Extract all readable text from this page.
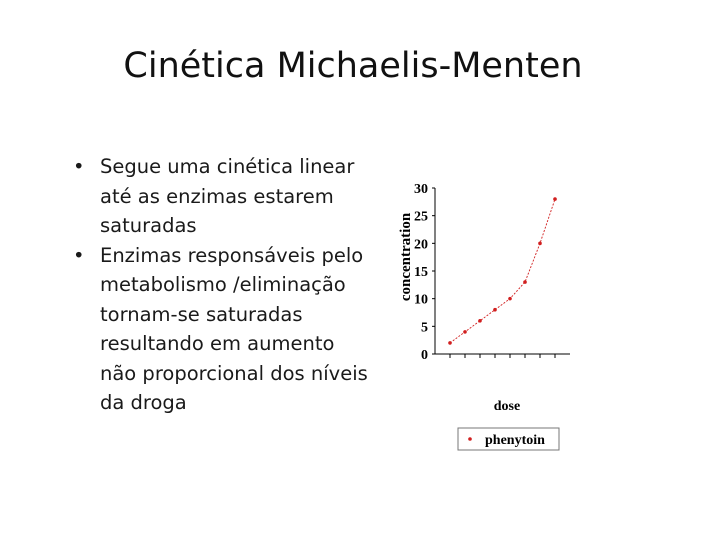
Cinética Michaelis-Menten
• Segue uma cinética linear até as enzimas estarem saturadas
• Enzimas responsáveis pelo metabolismo /eliminação tornam-se saturadas resultando em aumento não proporcional dos níveis da droga
concentration
0
5
10
15
20
25
30
dose
phenytoin
